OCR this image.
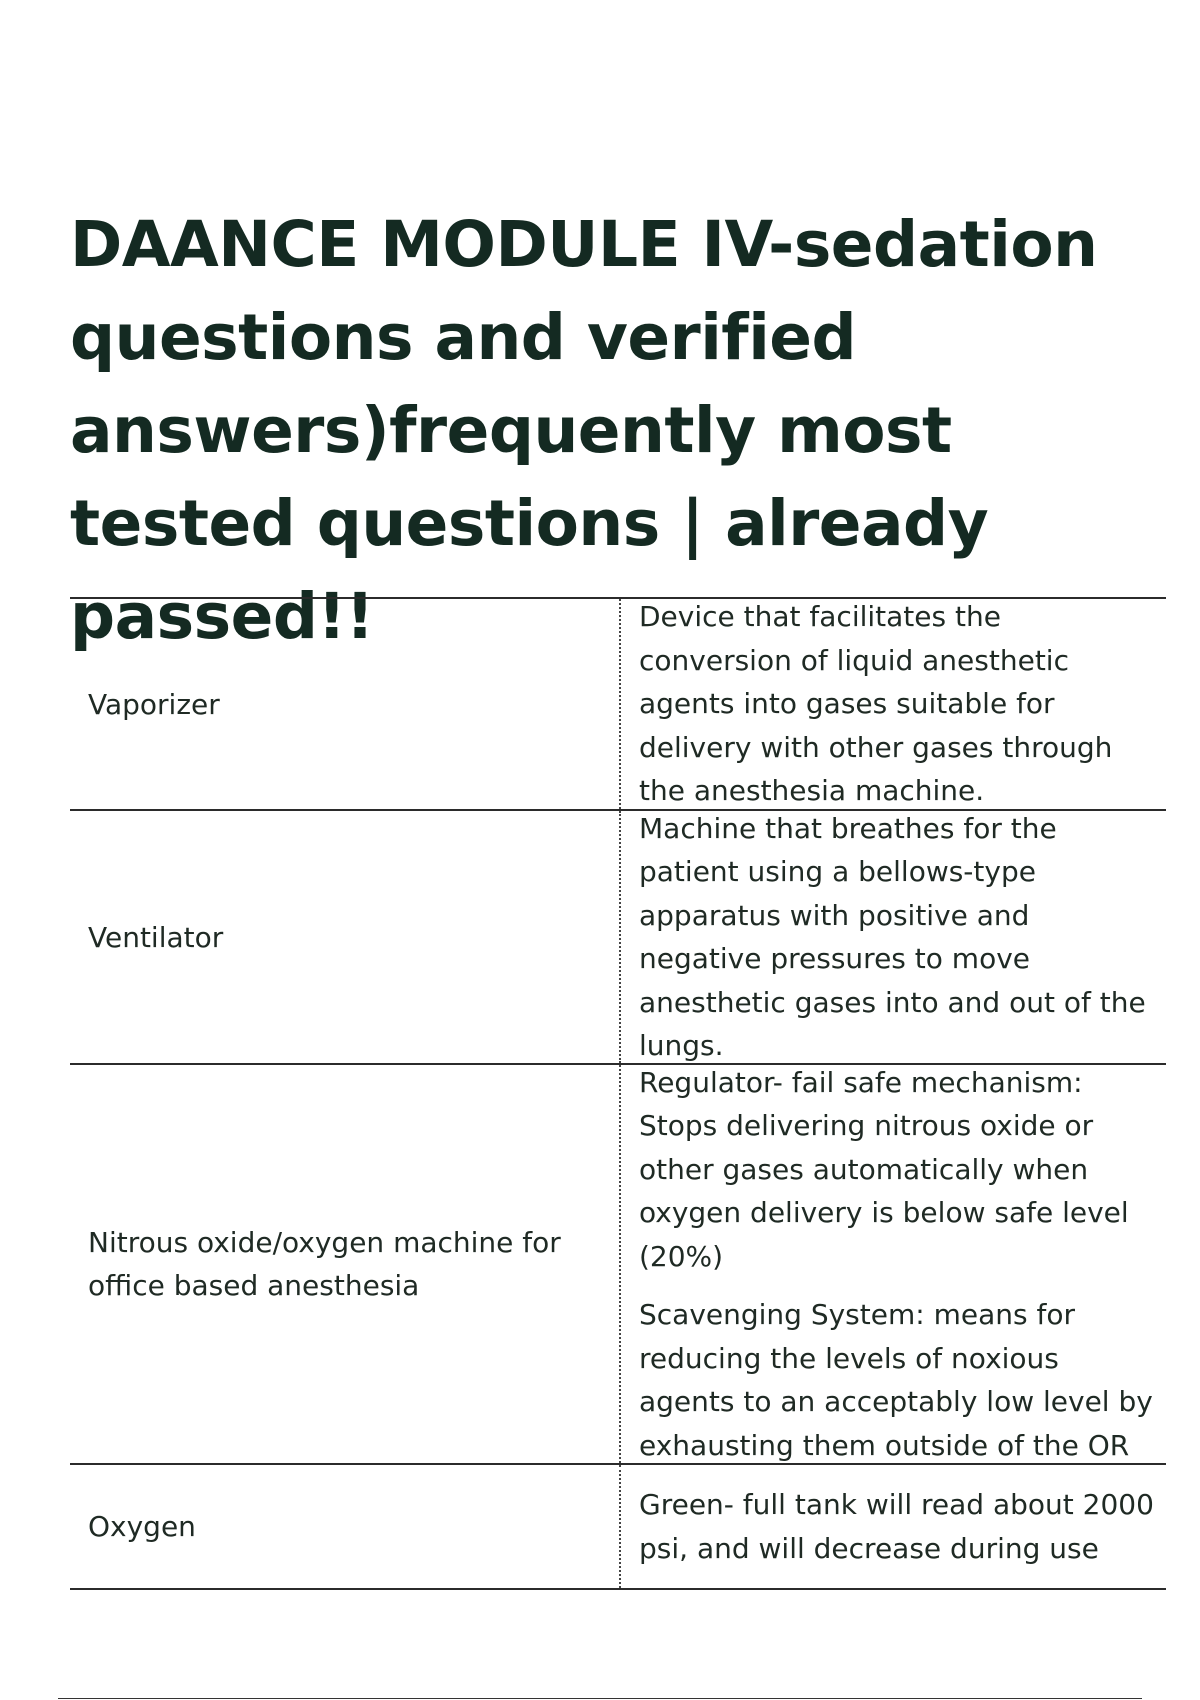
DAANCE MODULE IV-sedation questions and verified answers)frequently most tested questions | already passed!!
Vaporizer

Device that facilitates the conversion of liquid anesthetic agents into gases suitable for delivery with other gases through the anesthesia machine.

Ventilator

Machine that breathes for the patient using a bellows-type apparatus with positive and negative pressures to move anesthetic gases into and out of the lungs.

Nitrous oxide/oxygen machine for office based anesthesia

Regulator- fail safe mechanism: Stops delivering nitrous oxide or other gases automatically when oxygen delivery is below safe level (20%)

Scavenging System: means for reducing the levels of noxious agents to an acceptably low level by exhausting them outside of the OR

Oxygen

Green- full tank will read about 2000 psi, and will decrease during use
